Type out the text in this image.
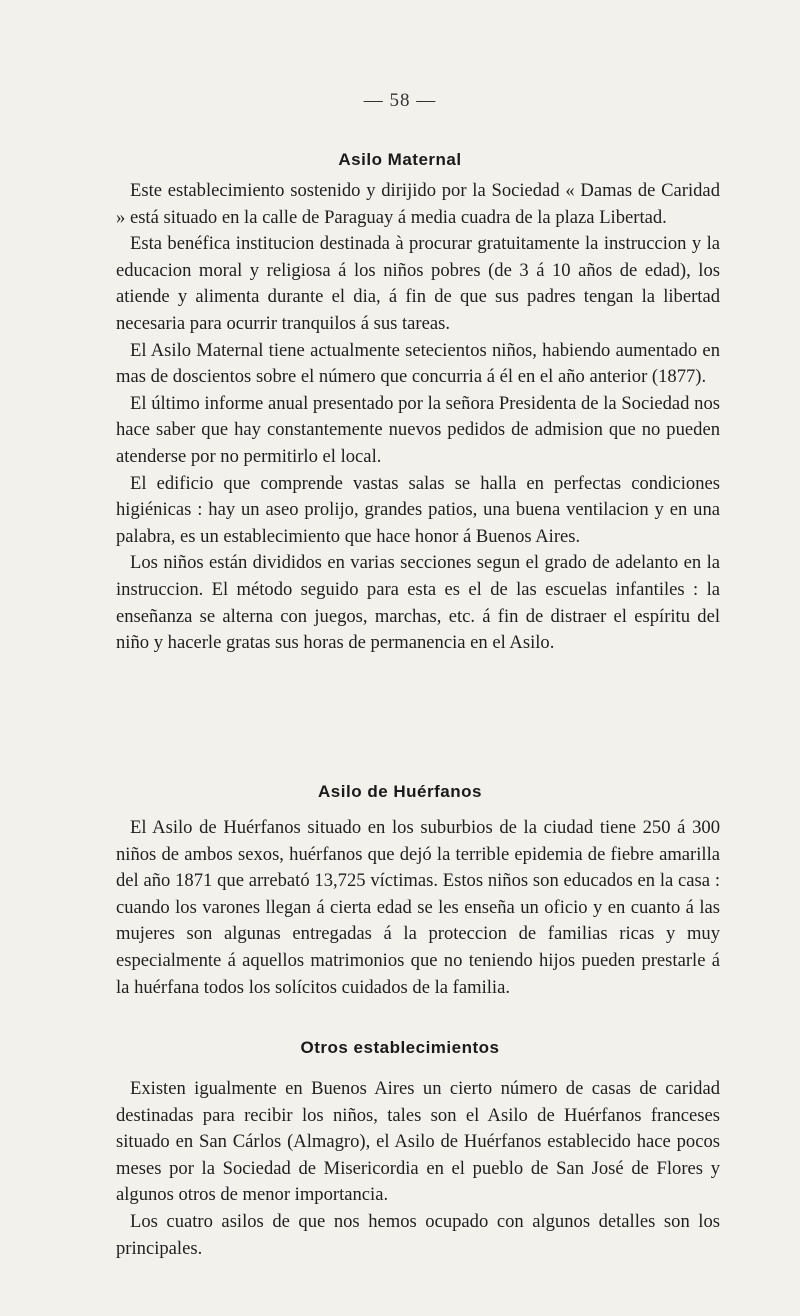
— 58 —
Asilo Maternal

Este establecimiento sostenido y dirijido por la Sociedad « Damas de Caridad » está situado en la calle de Paraguay á media cuadra de la plaza Libertad.

Esta benéfica institucion destinada à procurar gratuitamente la instruccion y la educacion moral y religiosa á los niños pobres (de 3 á 10 años de edad), los atiende y alimenta durante el dia, á fin de que sus padres tengan la libertad necesaria para ocurrir tranquilos á sus tareas.

El Asilo Maternal tiene actualmente setecientos niños, habiendo aumentado en mas de doscientos sobre el número que concurria á él en el año anterior (1877).

El último informe anual presentado por la señora Presidenta de la Sociedad nos hace saber que hay constantemente nuevos pedidos de admision que no pueden atenderse por no permitirlo el local.

El edificio que comprende vastas salas se halla en perfectas condiciones higiénicas : hay un aseo prolijo, grandes patios, una buena ventilacion y en una palabra, es un establecimiento que hace honor á Buenos Aires.

Los niños están divididos en varias secciones segun el grado de adelanto en la instruccion. El método seguido para esta es el de las escuelas infantiles : la enseñanza se alterna con juegos, marchas, etc. á fin de distraer el espíritu del niño y hacerle gratas sus horas de permanencia en el Asilo.

Asilo de Huérfanos

El Asilo de Huérfanos situado en los suburbios de la ciudad tiene 250 á 300 niños de ambos sexos, huérfanos que dejó la terrible epidemia de fiebre amarilla del año 1871 que arrebató 13,725 víctimas. Estos niños son educados en la casa : cuando los varones llegan á cierta edad se les enseña un oficio y en cuanto á las mujeres son algunas entregadas á la proteccion de familias ricas y muy especialmente á aquellos matrimonios que no teniendo hijos pueden prestarle á la huérfana todos los solícitos cuidados de la familia.

Otros establecimientos

Existen igualmente en Buenos Aires un cierto número de casas de caridad destinadas para recibir los niños, tales son el Asilo de Huérfanos franceses situado en San Cárlos (Almagro), el Asilo de Huérfanos establecido hace pocos meses por la Sociedad de Misericordia en el pueblo de San José de Flores y algunos otros de menor importancia.

Los cuatro asilos de que nos hemos ocupado con algunos detalles son los principales.
